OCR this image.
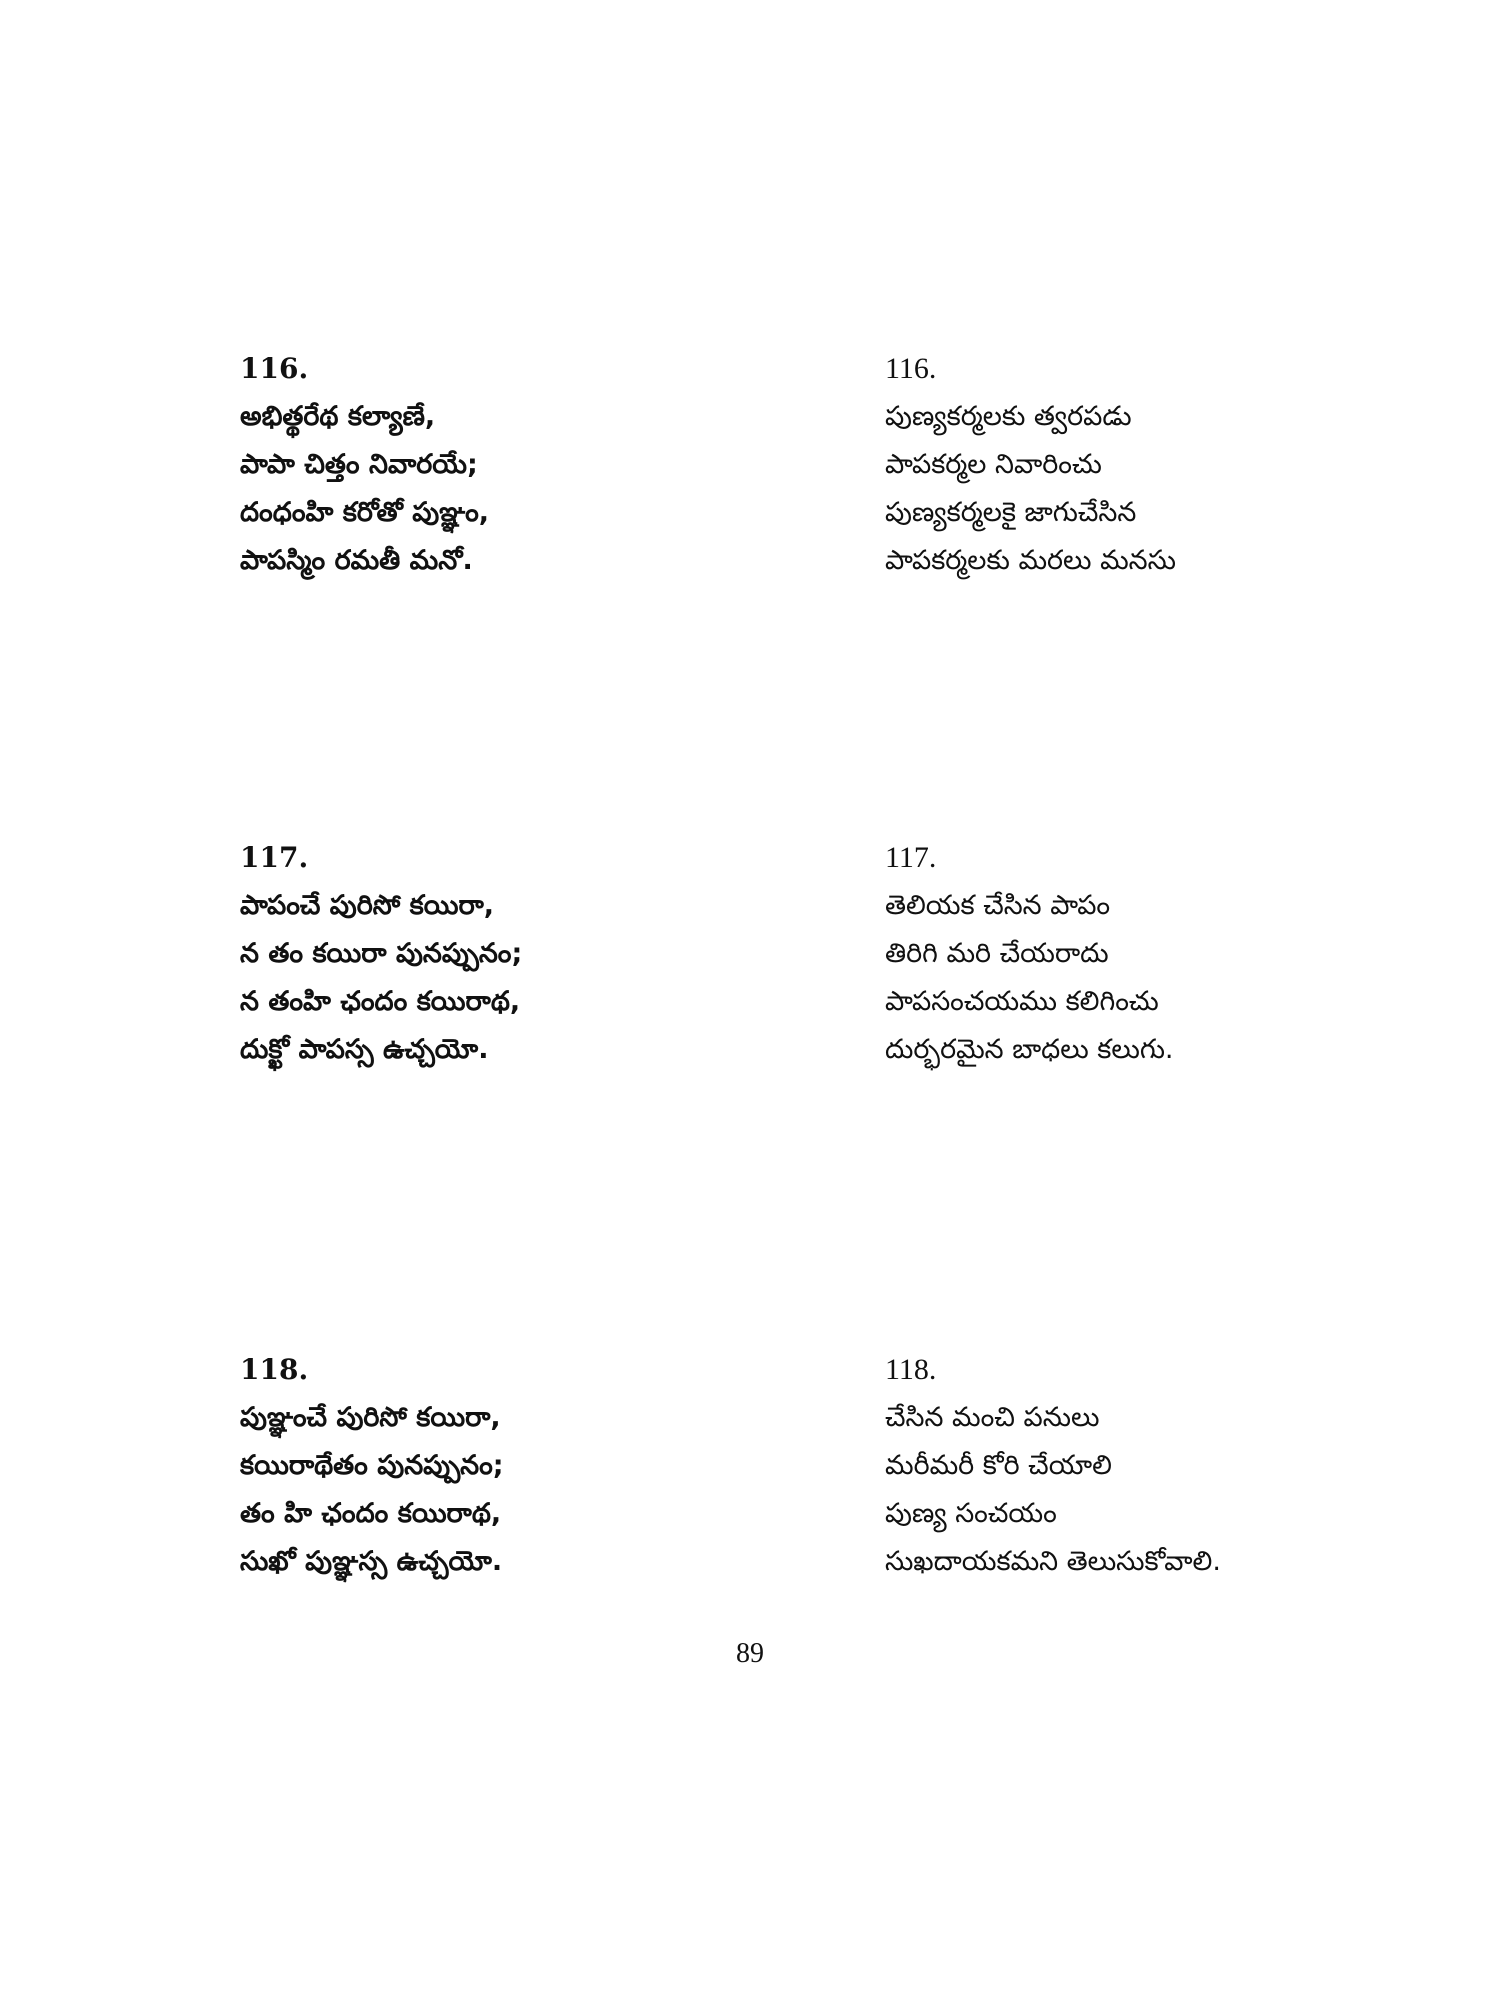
116.
అభిత్థరేథ కల్యాణే,
పాపా చిత్తం నివారయే;
దంధంహి కరోతో పుఞ్ఞం,
పాపస్మిం రమతీ మనో.
116.
పుణ్యకర్మలకు త్వరపడు
పాపకర్మల నివారించు
పుణ్యకర్మలకై జాగుచేసిన
పాపకర్మలకు మరలు మనసు
117.
పాపంచే పురిసో కయిరా,
న తం కయిరా పునప్పునం;
న తంహి ఛందం కయిరాథ,
దుక్ఖో పాపస్స ఉచ్చయో.
117.
తెలియక చేసిన పాపం
తిరిగి మరి చేయరాదు
పాపసంచయము కలిగించు
దుర్భరమైన బాధలు కలుగు.
118.
పుఞ్ఞంచే పురిసో కయిరా,
కయిరాథేతం పునప్పునం;
తం హి ఛందం కయిరాథ,
సుఖో పుఞ్ఞస్స ఉచ్చయో.
118.
చేసిన మంచి పనులు
మరీమరీ కోరి చేయాలి
పుణ్య సంచయం
సుఖదాయకమని తెలుసుకోవాలి.
89
